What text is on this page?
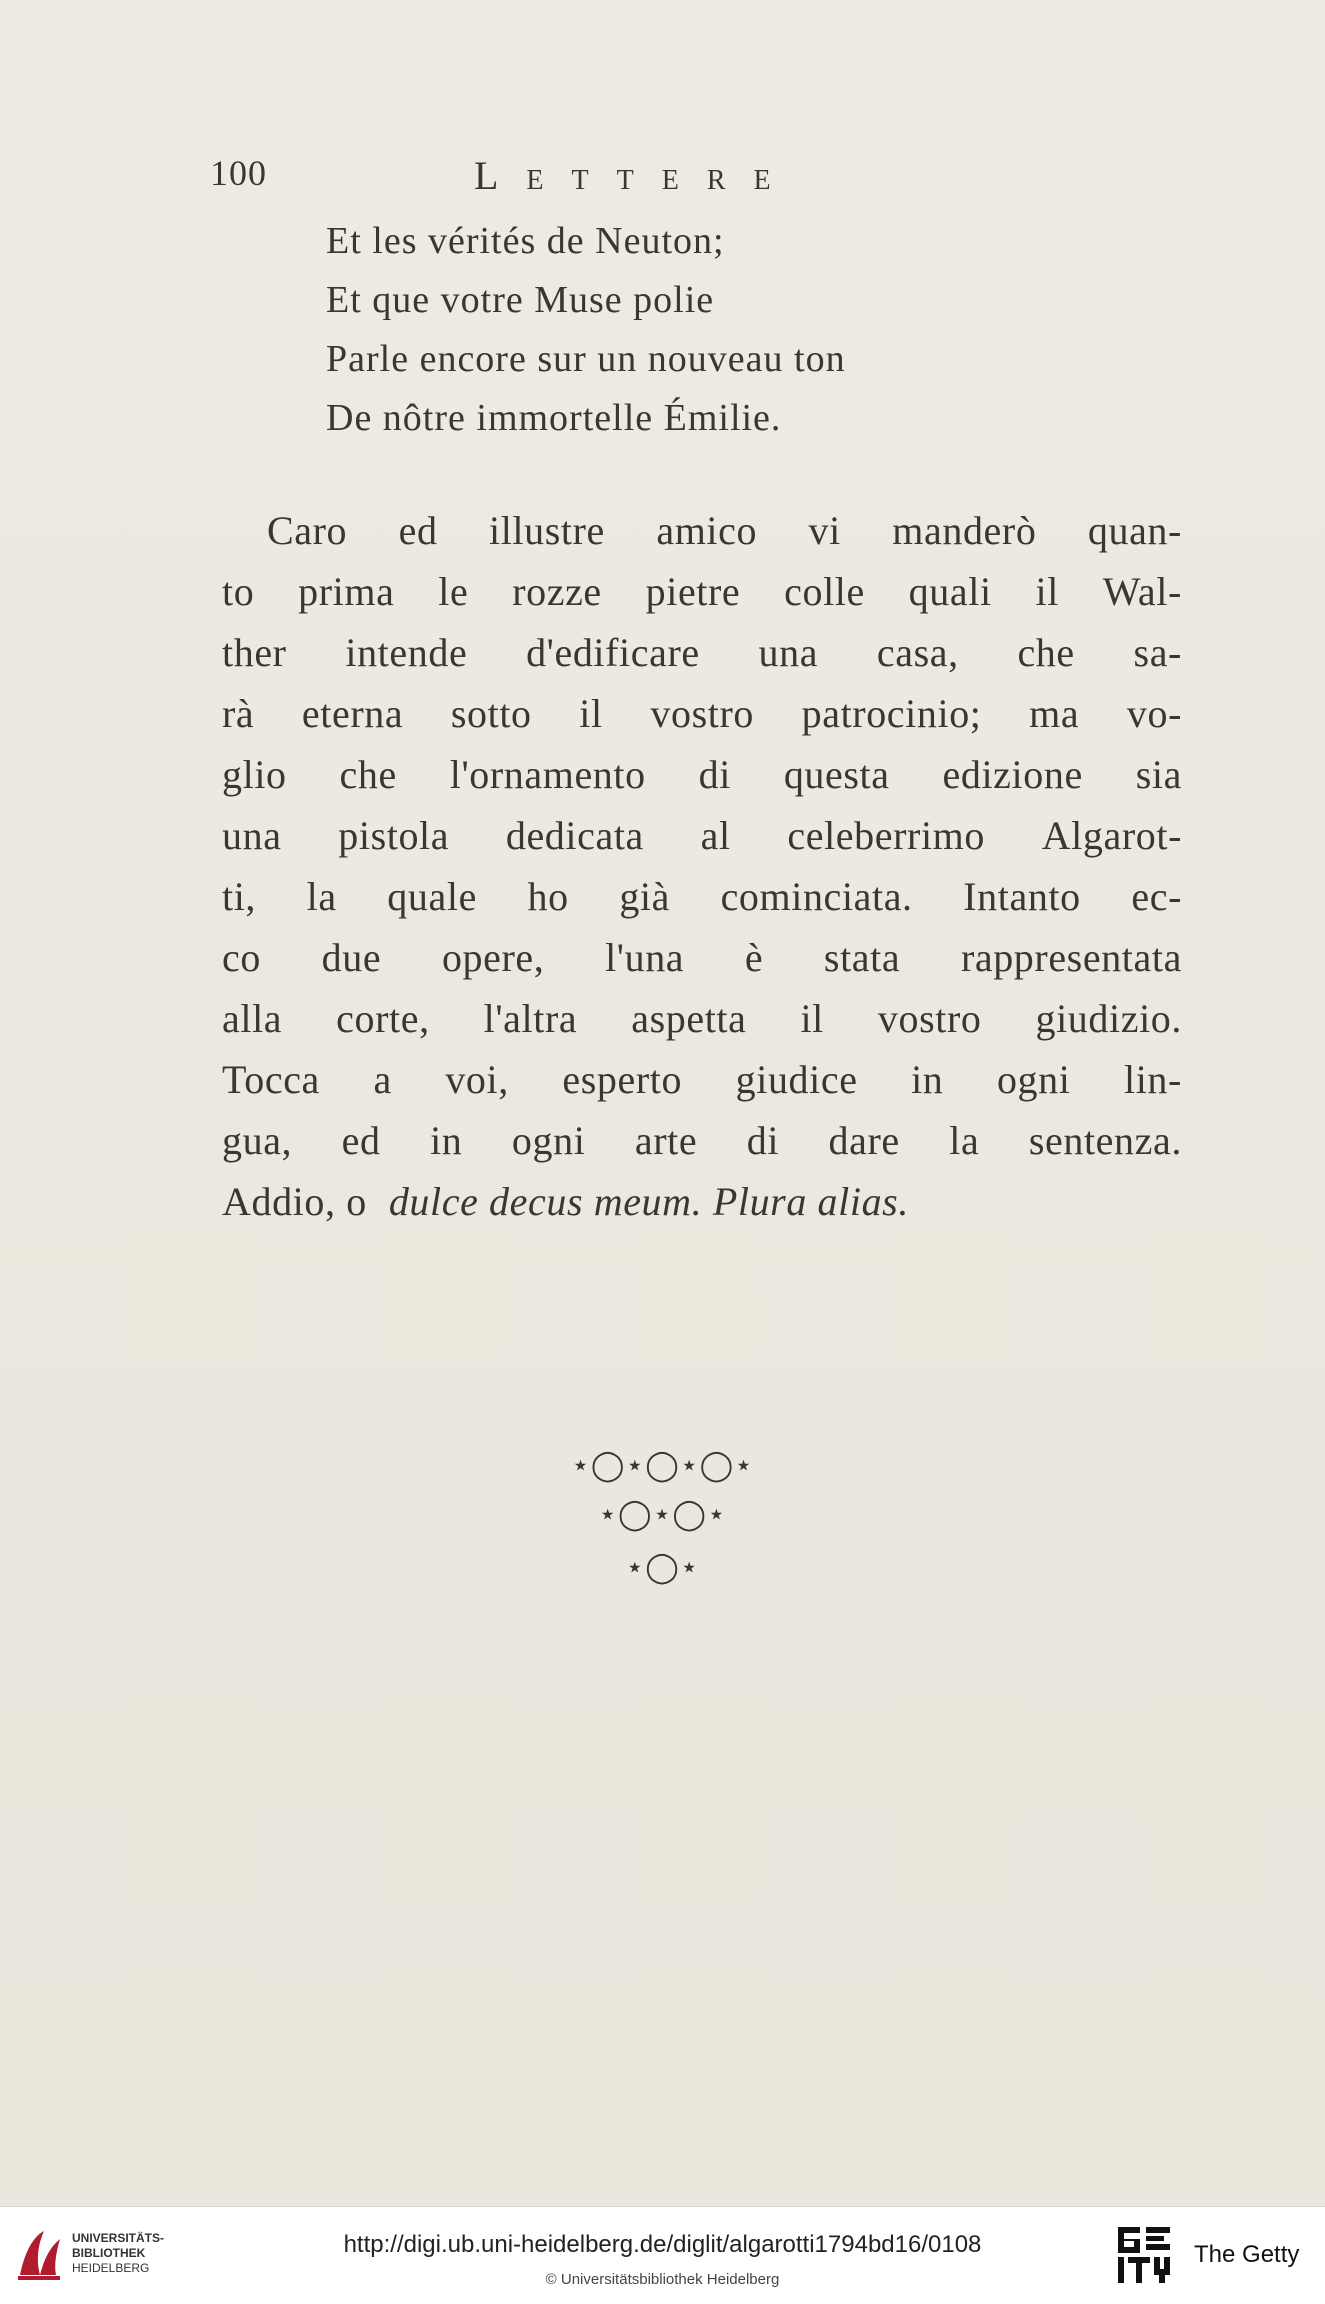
100	Lettere
Et les vérités de Neuton;
Et que votre Muse polie
Parle encore sur un nouveau ton
De nôtre immortelle Émilie.
Caro ed illustre amico vi manderò quan-
to prima le rozze pietre colle quali il Wal-
ther intende d'edificare una casa, che sa-
rà eterna sotto il vostro patrocinio; ma vo-
glio che l'ornamento di questa edizione sia
una pistola dedicata al celeberrimo Algarot-
ti, la quale ho già cominciata. Intanto ec-
co due opere, l'una è stata rappresentata
alla corte, l'altra aspetta il vostro giudizio.
Tocca a voi, esperto giudice in ogni lin-
gua, ed in ogni arte di dare la sentenza.
Addio, o dulce decus meum. Plura alias.
⋆◯⋆◯⋆◯⋆
⋆◯⋆◯⋆
⋆◯⋆
UNIVERSITÄTS-
BIBLIOTHEK
HEIDELBERG
http://digi.ub.uni-heidelberg.de/diglit/algarotti1794bd16/0108
© Universitätsbibliothek Heidelberg
The Getty
